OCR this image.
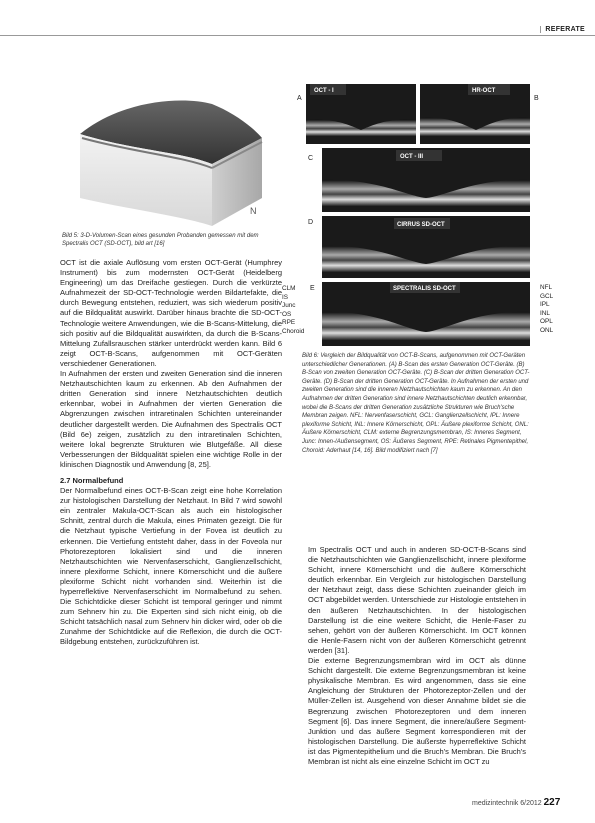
REFERATE
N
Bild 5: 3-D-Volumen-Scan eines gesunden Probanden gemessen mit dem Spectralis OCT (SD-OCT), bild art [16]

OCT ist die axiale Auflösung vom ersten OCT-Gerät (Humphrey Instrument) bis zum modernsten OCT-Gerät (Heidelberg Engineering) um das Dreifache gestiegen. Durch die verkürzte Aufnahmezeit der SD-OCT-Technologie werden Bildartefakte, die durch Bewegung entstehen, reduziert, was sich wiederum positiv auf die Bildqualität auswirkt. Darüber hinaus brachte die SD-OCT-Technologie weitere Anwendungen, wie die B-Scans-Mittelung, die sich positiv auf die Bildqualität auswirkten, da durch die B-Scans-Mittelung Zufallsrauschen stärker unterdrückt werden kann. Bild 6 zeigt OCT-B-Scans, aufgenommen mit OCT-Geräten verschiedener Generationen.

In Aufnahmen der ersten und zweiten Generation sind die inneren Netzhautschichten kaum zu erkennen. Ab den Aufnahmen der dritten Generation sind innere Netzhautschichten deutlich erkennbar, wobei in Aufnahmen der vierten Generation die Abgrenzungen zwischen intraretinalen Schichten untereinander deutlicher dargestellt werden. Die Aufnahmen des Spectralis OCT (Bild 6e) zeigen, zusätzlich zu den intraretinalen Schichten, weitere lokal begrenzte Strukturen wie Blutgefäße. All diese Verbesserungen der Bildqualität spielen eine wichtige Rolle in der klinischen Diagnostik und Anwendung [8, 25].

2.7 Normalbefund

Der Normalbefund eines OCT-B-Scan zeigt eine hohe Korrelation zur histologischen Darstellung der Netzhaut. In Bild 7 wird sowohl ein zentraler Makula-OCT-Scan als auch ein histologischer Schnitt, zentral durch die Makula, eines Primaten gezeigt. Die für die Netzhaut typische Vertiefung in der Fovea ist deutlich zu erkennen. Die Vertiefung entsteht daher, dass in der Foveola nur Photorezeptoren lokalisiert sind und die inneren Netzhautschichten wie Nervenfaserschicht, Ganglienzellschicht, innere plexiforme Schicht, innere Körnerschicht und die äußere plexiforme Schicht nicht vorhanden sind. Weiterhin ist die hyperreflektive Nervenfaserschicht im Normalbefund zu sehen. Die Schichtdicke dieser Schicht ist temporal geringer und nimmt zum Sehnerv hin zu. Die Experten sind sich nicht einig, ob die Schicht tatsächlich nasal zum Sehnerv hin dicker wird, oder ob die Zunahme der Schichtdicke auf die Reflexion, die durch die OCT-Bildgebung entstehen, zurückzuführen ist.

OCT - I
A
HR-OCT
B
OCT - III
C
CIRRUS SD-OCT
D
SPECTRALIS SD-OCT
E
CLM
IS
Junc
OS
RPE
Choroid
NFL
GCL
IPL
INL
OPL
ONL
Bild 6: Vergleich der Bildqualität von OCT-B-Scans, aufgenommen mit OCT-Geräten unterschiedlicher Generationen. (A) B-Scan des ersten Generation OCT-Geräte. (B) B-Scan von zweiten Generation OCT-Geräte. (C) B-Scan der dritten Generation OCT-Geräte. (D) B-Scan der dritten Generation OCT-Geräte. In Aufnahmen der ersten und zweiten Generation sind die inneren Netzhautschichten kaum zu erkennen. An den Aufnahmen der dritten Generation sind innere Netzhautschichten deutlich erkennbar, wobei die B-Scans der dritten Generation zusätzliche Strukturen wie Bruch'sche Membran zeigen. NFL: Nervenfaserschicht, GCL: Ganglienzellschicht, IPL: Innere plexiforme Schicht, INL: Innere Körnerschicht, OPL: Äußere plexiforme Schicht, ONL: Äußere Körnerschicht, CLM: externe Begrenzungsmembran, IS: Inneres Segment, Junc: Innen-/Außensegment, OS: Äußeres Segment, RPE: Retinales Pigmentepithel, Choroid: Aderhaut [14, 16]. Bild modifiziert nach [7]

Im Spectralis OCT und auch in anderen SD-OCT-B-Scans sind die Netzhautschichten wie Ganglienzellschicht, innere plexiforme Schicht, innere Körnerschicht und die äußere Körnerschicht deutlich erkennbar. Ein Vergleich zur histologischen Darstellung der Netzhaut zeigt, dass diese Schichten zueinander gleich im OCT abgebildet werden. Unterschiede zur Histologie entstehen in den äußeren Netzhautschichten. In der histologischen Darstellung ist die eine weitere Schicht, die Henle-Faser zu sehen, gehört von der äußeren Körnerschicht. Im OCT können die Henle-Fasern nicht von der äußeren Körnerschicht getrennt werden [31].

Die externe Begrenzungsmembran wird im OCT als dünne Schicht dargestellt. Die externe Begrenzungsmembran ist keine physikalische Membran. Es wird angenommen, dass sie eine Angleichung der Strukturen der Photorezeptor-Zellen und der Müller-Zellen ist. Ausgehend von dieser Annahme bildet sie die Begrenzung zwischen Photorezeptoren und dem inneren Segment [6]. Das innere Segment, die innere/äußere Segment-Junktion und das äußere Segment korrespondieren mit der histologischen Darstellung. Die äußerste hyperreflektive Schicht ist das Pigmentepithelium und die Bruch's Membran. Die Bruch's Membran ist nicht als eine einzelne Schicht im OCT zu

medizintechnik 6/2012 227
